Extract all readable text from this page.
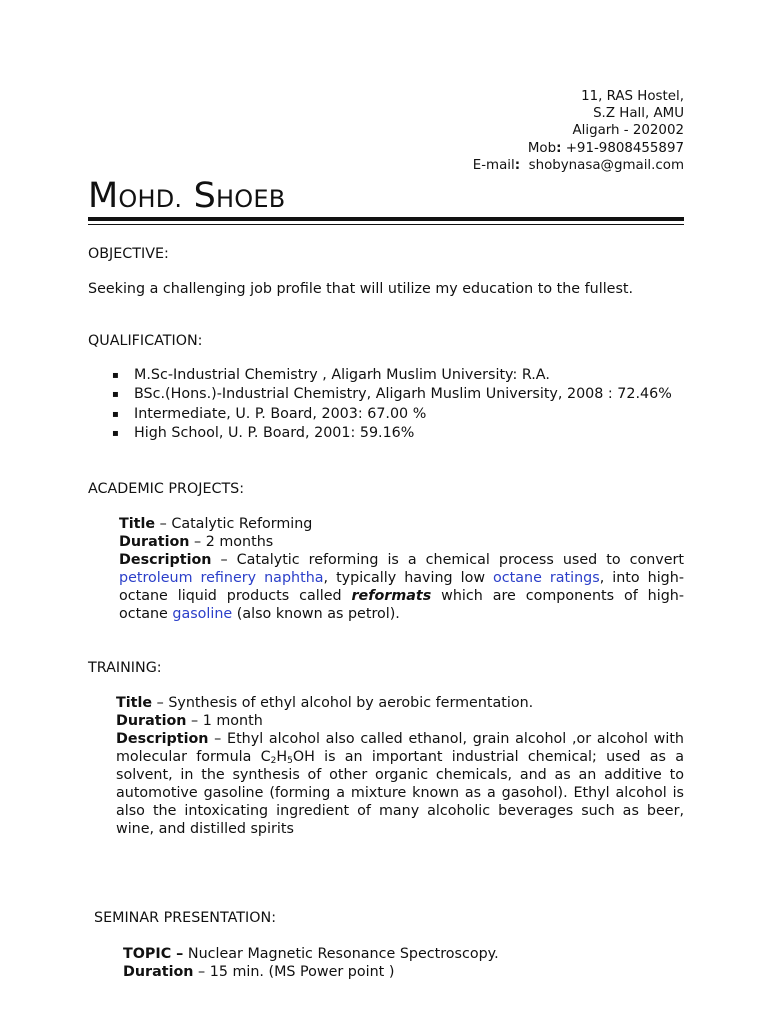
11, RAS Hostel,
S.Z Hall, AMU
Aligarh - 202002
Mob: +91-9808455897
E-mail:  shobynasa@gmail.com
MOHD. SHOEB
OBJECTIVE:
Seeking a challenging job profile that will utilize my education to the fullest.
QUALIFICATION:
▪ M.Sc-Industrial Chemistry , Aligarh Muslim University: R.A.
▪ BSc.(Hons.)-Industrial Chemistry, Aligarh Muslim University, 2008 : 72.46%
▪ Intermediate, U. P. Board, 2003: 67.00 %
▪ High School, U. P. Board, 2001: 59.16%
ACADEMIC PROJECTS:
Title – Catalytic Reforming
Duration – 2 months
Description – Catalytic reforming is a chemical process used to convert petroleum refinery naphtha, typically having low octane ratings, into high-octane liquid products called reformats which are components of high-octane gasoline (also known as petrol).
TRAINING:
Title – Synthesis of ethyl alcohol by aerobic fermentation.
Duration – 1 month
Description – Ethyl alcohol also called ethanol, grain alcohol ,or alcohol with molecular formula $C_2H_5OH$ is an important industrial chemical; used as a solvent, in the synthesis of other organic chemicals, and as an additive to automotive gasoline (forming a mixture known as a gasohol). Ethyl alcohol is also the intoxicating ingredient of many alcoholic beverages such as beer, wine, and distilled spirits
SEMINAR PRESENTATION:
TOPIC – Nuclear Magnetic Resonance Spectroscopy.
Duration – 15 min. (MS Power point )
